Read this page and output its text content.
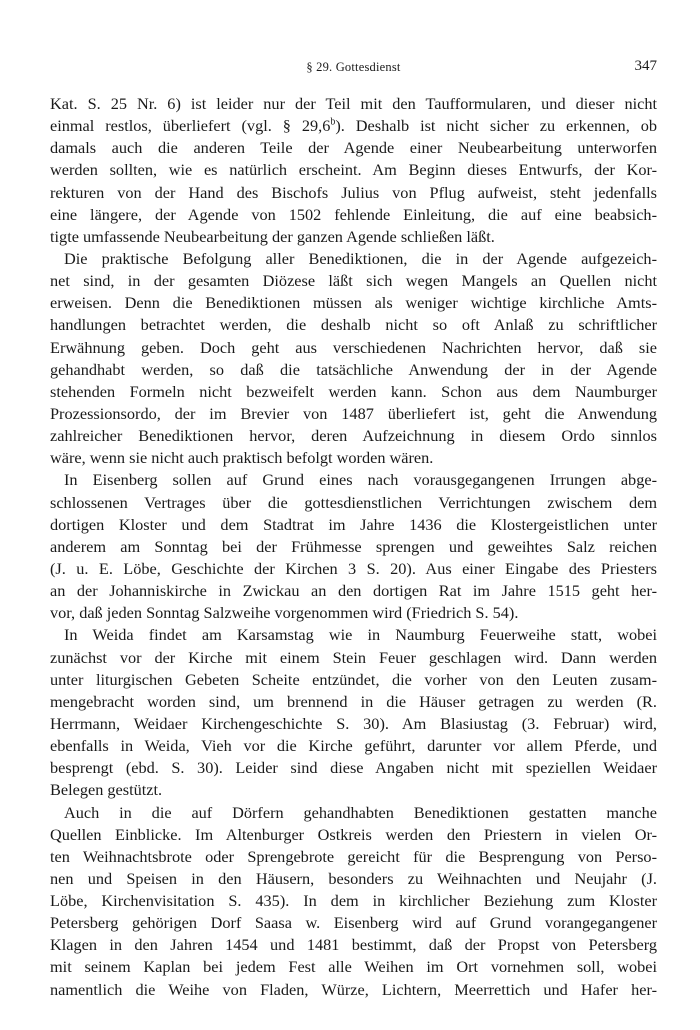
§ 29. Gottesdienst	347

Kat. S. 25 Nr. 6) ist leider nur der Teil mit den Taufformularen, und dieser nicht
einmal restlos, überliefert (vgl. § 29,6$^b$). Deshalb ist nicht sicher zu erkennen, ob
damals auch die anderen Teile der Agende einer Neubearbeitung unterworfen
werden sollten, wie es natürlich erscheint. Am Beginn dieses Entwurfs, der Kor-
rekturen von der Hand des Bischofs Julius von Pflug aufweist, steht jedenfalls
eine längere, der Agende von 1502 fehlende Einleitung, die auf eine beabsich-
tigte umfassende Neubearbeitung der ganzen Agende schließen läßt.

Die praktische Befolgung aller Benediktionen, die in der Agende aufgezeich-
net sind, in der gesamten Diözese läßt sich wegen Mangels an Quellen nicht
erweisen. Denn die Benediktionen müssen als weniger wichtige kirchliche Amts-
handlungen betrachtet werden, die deshalb nicht so oft Anlaß zu schriftlicher
Erwähnung geben. Doch geht aus verschiedenen Nachrichten hervor, daß sie
gehandhabt werden, so daß die tatsächliche Anwendung der in der Agende
stehenden Formeln nicht bezweifelt werden kann. Schon aus dem Naumburger
Prozessionsordo, der im Brevier von 1487 überliefert ist, geht die Anwendung
zahlreicher Benediktionen hervor, deren Aufzeichnung in diesem Ordo sinnlos
wäre, wenn sie nicht auch praktisch befolgt worden wären.

In Eisenberg sollen auf Grund eines nach vorausgegangenen Irrungen abge-
schlossenen Vertrages über die gottesdienstlichen Verrichtungen zwischem dem
dortigen Kloster und dem Stadtrat im Jahre 1436 die Klostergeistlichen unter
anderem am Sonntag bei der Frühmesse sprengen und geweihtes Salz reichen
(J. u. E. Löbe, Geschichte der Kirchen 3 S. 20). Aus einer Eingabe des Priesters
an der Johanniskirche in Zwickau an den dortigen Rat im Jahre 1515 geht her-
vor, daß jeden Sonntag Salzweihe vorgenommen wird (Friedrich S. 54).

In Weida findet am Karsamstag wie in Naumburg Feuerweihe statt, wobei
zunächst vor der Kirche mit einem Stein Feuer geschlagen wird. Dann werden
unter liturgischen Gebeten Scheite entzündet, die vorher von den Leuten zusam-
mengebracht worden sind, um brennend in die Häuser getragen zu werden (R.
Herrmann, Weidaer Kirchengeschichte S. 30). Am Blasiustag (3. Februar) wird,
ebenfalls in Weida, Vieh vor die Kirche geführt, darunter vor allem Pferde, und
besprengt (ebd. S. 30). Leider sind diese Angaben nicht mit speziellen Weidaer
Belegen gestützt.

Auch in die auf Dörfern gehandhabten Benediktionen gestatten manche
Quellen Einblicke. Im Altenburger Ostkreis werden den Priestern in vielen Or-
ten Weihnachtsbrote oder Sprengebrote gereicht für die Besprengung von Perso-
nen und Speisen in den Häusern, besonders zu Weihnachten und Neujahr (J.
Löbe, Kirchenvisitation S. 435). In dem in kirchlicher Beziehung zum Kloster
Petersberg gehörigen Dorf Saasa w. Eisenberg wird auf Grund vorangegangener
Klagen in den Jahren 1454 und 1481 bestimmt, daß der Propst von Petersberg
mit seinem Kaplan bei jedem Fest alle Weihen im Ort vornehmen soll, wobei
namentlich die Weihe von Fladen, Würze, Lichtern, Meerrettich und Hafer her-
